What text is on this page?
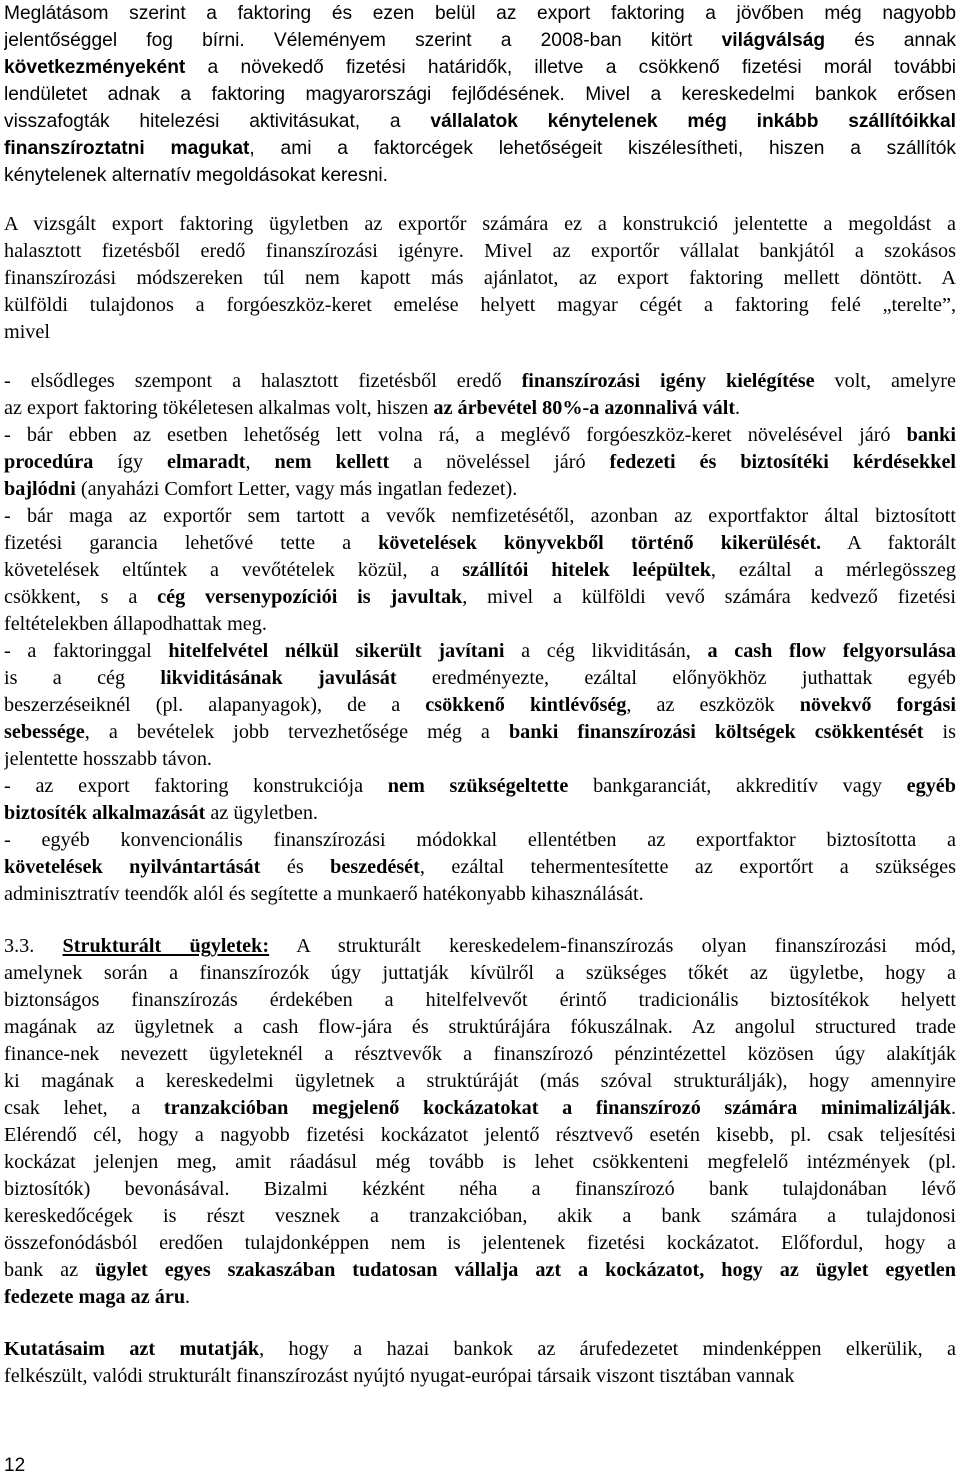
Meglátásom szerint a faktoring és ezen belül az export faktoring a jövőben még nagyobb

jelentőséggel fog bírni. Véleményem szerint a 2008-ban kitört világválság és annak

következményeként a növekedő fizetési határidők, illetve a csökkenő fizetési morál további

lendületet adnak a faktoring magyarországi fejlődésének. Mivel a kereskedelmi bankok erősen

visszafogták hitelezési aktivitásukat, a vállalatok kénytelenek még inkább szállítóikkal

finanszíroztatni magukat, ami a faktorcégek lehetőségeit kiszélesítheti, hiszen a szállítók

kénytelenek alternatív megoldásokat keresni.

A vizsgált export faktoring ügyletben az exportőr számára ez a konstrukció jelentette a megoldást a

halasztott fizetésből eredő finanszírozási igényre. Mivel az exportőr vállalat bankjától a szokásos

finanszírozási módszereken túl nem kapott más ajánlatot, az export faktoring mellett döntött. A

külföldi tulajdonos a forgóeszköz-keret emelése helyett magyar cégét a faktoring felé „terelte”,

mivel

- elsődleges szempont a halasztott fizetésből eredő finanszírozási igény kielégítése volt, amelyre

az export faktoring tökéletesen alkalmas volt, hiszen az árbevétel 80%-a azonnalivá vált.

- bár ebben az esetben lehetőség lett volna rá, a meglévő forgóeszköz-keret növelésével járó banki

procedúra így elmaradt, nem kellett a növeléssel járó fedezeti és biztosítéki kérdésekkel

bajlódni (anyaházi Comfort Letter, vagy más ingatlan fedezet).

- bár maga az exportőr sem tartott a vevők nemfizetésétől, azonban az exportfaktor által biztosított

fizetési garancia lehetővé tette a követelések könyvekből történő kikerülését. A faktorált

követelések eltűntek a vevőtételek közül, a szállítói hitelek leépültek, ezáltal a mérlegösszeg

csökkent, s a cég versenypozíciói is javultak, mivel a külföldi vevő számára kedvező fizetési

feltételekben állapodhattak meg.

- a faktoringgal hitelfelvétel nélkül sikerült javítani a cég likviditásán, a cash flow felgyorsulása

is a cég likviditásának javulását eredményezte, ezáltal előnyökhöz juthattak egyéb

beszerzéseiknél (pl. alapanyagok), de a csökkenő kintlévőség, az eszközök növekvő forgási

sebessége, a bevételek jobb tervezhetősége még a banki finanszírozási költségek csökkentését is

jelentette hosszabb távon.

- az export faktoring konstrukciója nem szükségeltette bankgaranciát, akkreditív vagy egyéb

biztosíték alkalmazását az ügyletben.

- egyéb konvencionális finanszírozási módokkal ellentétben az exportfaktor biztosította a

követelések nyilvántartását és beszedését, ezáltal tehermentesítette az exportőrt a szükséges

adminisztratív teendők alól és segítette a munkaerő hatékonyabb kihasználását.

3.3. Strukturált ügyletek: A strukturált kereskedelem-finanszírozás olyan finanszírozási mód,

amelynek során a finanszírozók úgy juttatják kívülről a szükséges tőkét az ügyletbe, hogy a

biztonságos finanszírozás érdekében a hitelfelvevőt érintő tradicionális biztosítékok helyett

magának az ügyletnek a cash flow-jára és struktúrájára fókuszálnak. Az angolul structured trade

finance-nek nevezett ügyleteknél a résztvevők a finanszírozó pénzintézettel közösen úgy alakítják

ki magának a kereskedelmi ügyletnek a struktúráját (más szóval strukturálják), hogy amennyire

csak lehet, a tranzakcióban megjelenő kockázatokat a finanszírozó számára minimalizálják.

Elérendő cél, hogy a nagyobb fizetési kockázatot jelentő résztvevő esetén kisebb, pl. csak teljesítési

kockázat jelenjen meg, amit ráadásul még tovább is lehet csökkenteni megfelelő intézmények (pl.

biztosítók) bevonásával. Bizalmi kézként néha a finanszírozó bank tulajdonában lévő

kereskedőcégek is részt vesznek a tranzakcióban, akik a bank számára a tulajdonosi

összefonódásból eredően tulajdonképpen nem is jelentenek fizetési kockázatot. Előfordul, hogy a

bank az ügylet egyes szakaszában tudatosan vállalja azt a kockázatot, hogy az ügylet egyetlen

fedezete maga az áru.

Kutatásaim azt mutatják, hogy a hazai bankok az árufedezetet mindenképpen elkerülik, a

felkészült, valódi strukturált finanszírozást nyújtó nyugat-európai társaik viszont tisztában vannak

12
